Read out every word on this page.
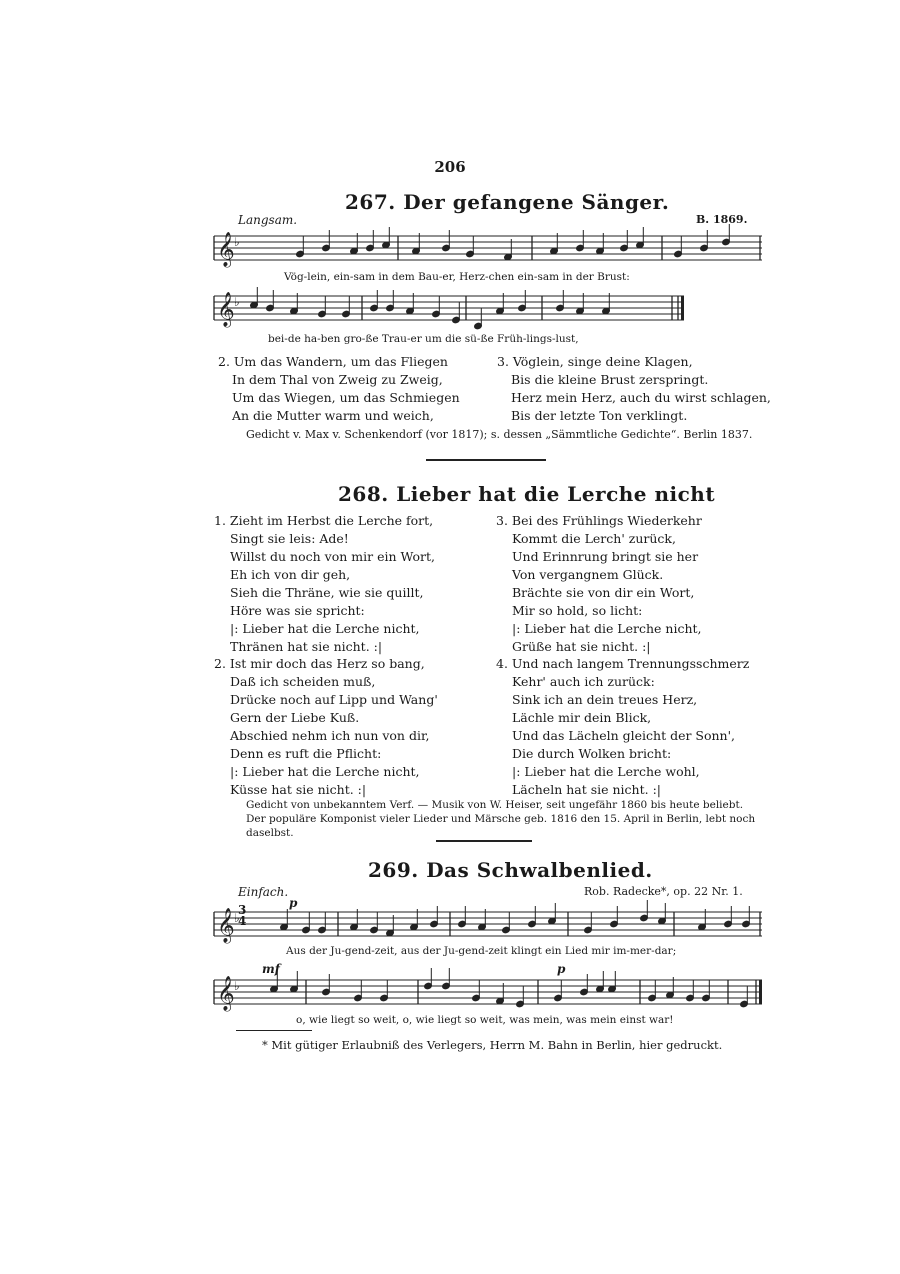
206
267. Der gefangene Sänger.
Langsam.	B. 1869.
𝄞 ♭
Vög-lein, ein-sam in dem Bau-er, Herz-chen ein-sam in der Brust:
𝄞 ♭
bei-de ha-ben gro-ße Trau-er um die sü-ße Früh-lings-lust,
2. Um das Wandern, um das Fliegen
In dem Thal von Zweig zu Zweig,
Um das Wiegen, um das Schmiegen
An die Mutter warm und weich,
3. Vöglein, singe deine Klagen,
Bis die kleine Brust zerspringt.
Herz mein Herz, auch du wirst schlagen,
Bis der letzte Ton verklingt.
Gedicht v. Max v. Schenkendorf (vor 1817); s. dessen „Sämmtliche Gedichte“. Berlin 1837.
268. Lieber hat die Lerche nicht
1. Zieht im Herbst die Lerche fort,
Singt sie leis: Ade!
Willst du noch von mir ein Wort,
Eh ich von dir geh,
Sieh die Thräne, wie sie quillt,
Höre was sie spricht:
|: Lieber hat die Lerche nicht,
Thränen hat sie nicht. :|
3. Bei des Frühlings Wiederkehr
Kommt die Lerch' zurück,
Und Erinnrung bringt sie her
Von vergangnem Glück.
Brächte sie von dir ein Wort,
Mir so hold, so licht:
|: Lieber hat die Lerche nicht,
Grüße hat sie nicht. :|
2. Ist mir doch das Herz so bang,
Daß ich scheiden muß,
Drücke noch auf Lipp und Wang'
Gern der Liebe Kuß.
Abschied nehm ich nun von dir,
Denn es ruft die Pflicht:
|: Lieber hat die Lerche nicht,
Küsse hat sie nicht. :|
4. Und nach langem Trennungsschmerz
Kehr' auch ich zurück:
Sink ich an dein treues Herz,
Lächle mir dein Blick,
Und das Lächeln gleicht der Sonn',
Die durch Wolken bricht:
|: Lieber hat die Lerche wohl,
Lächeln hat sie nicht. :|
Gedicht von unbekanntem Verf. — Musik von W. Heiser, seit ungefähr 1860 bis heute beliebt. Der populäre Komponist vieler Lieder und Märsche geb. 1816 den 15. April in Berlin, lebt noch daselbst.
269. Das Schwalbenlied.
Einfach.	Rob. Radecke*, op. 22 Nr. 1.
p
𝄞 ♭
3
4
Aus der Ju-gend-zeit, aus der Ju-gend-zeit klingt ein Lied mir im-mer-dar;
mf	p
𝄞 ♭
o, wie liegt so weit, o, wie liegt so weit, was mein, was mein einst war!
* Mit gütiger Erlaubniß des Verlegers, Herrn M. Bahn in Berlin, hier gedruckt.
